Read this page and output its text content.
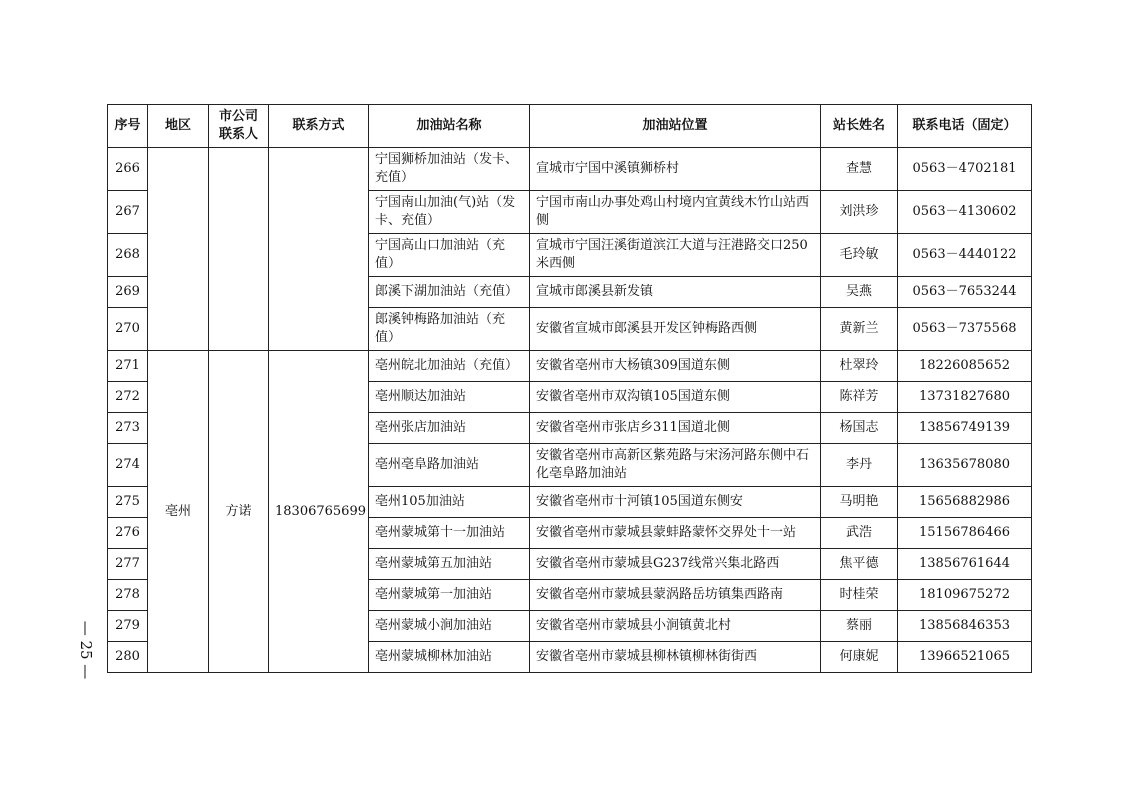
序号	地区	市公司联系人	联系方式	加油站名称	加油站位置	站长姓名	联系电话（固定）
266				宁国狮桥加油站（发卡、充值）	宣城市宁国中溪镇狮桥村	查慧	0563－4702181
267				宁国南山加油(气)站（发卡、充值）	宁国市南山办事处鸡山村境内宜黄线木竹山站西侧	刘洪珍	0563－4130602
268				宁国高山口加油站（充值）	宣城市宁国汪溪街道滨江大道与汪港路交口250米西侧	毛玲敏	0563－4440122
269				郎溪下湖加油站（充值）	宣城市郎溪县新发镇	吴燕	0563－7653244
270				郎溪钟梅路加油站（充值）	安徽省宣城市郎溪县开发区钟梅路西侧	黄新兰	0563－7375568
271	亳州	方诺	18306765699	亳州皖北加油站（充值）	安徽省亳州市大杨镇309国道东侧	杜翠玲	18226085652
272				亳州顺达加油站	安徽省亳州市双沟镇105国道东侧	陈祥芳	13731827680
273				亳州张店加油站	安徽省亳州市张店乡311国道北侧	杨国志	13856749139
274				亳州亳阜路加油站	安徽省亳州市高新区紫苑路与宋汤河路东侧中石化亳阜路加油站	李丹	13635678080
275				亳州105加油站	安徽省亳州市十河镇105国道东侧安	马明艳	15656882986
276				亳州蒙城第十一加油站	安徽省亳州市蒙城县蒙蚌路蒙怀交界处十一站	武浩	15156786466
277				亳州蒙城第五加油站	安徽省亳州市蒙城县G237线常兴集北路西	焦平德	13856761644
278				亳州蒙城第一加油站	安徽省亳州市蒙城县蒙涡路岳坊镇集西路南	时桂荣	18109675272
279				亳州蒙城小涧加油站	安徽省亳州市蒙城县小涧镇黄北村	蔡丽	13856846353
280				亳州蒙城柳林加油站	安徽省亳州市蒙城县柳林镇柳林街街西	何康妮	13966521065
— 25 —
